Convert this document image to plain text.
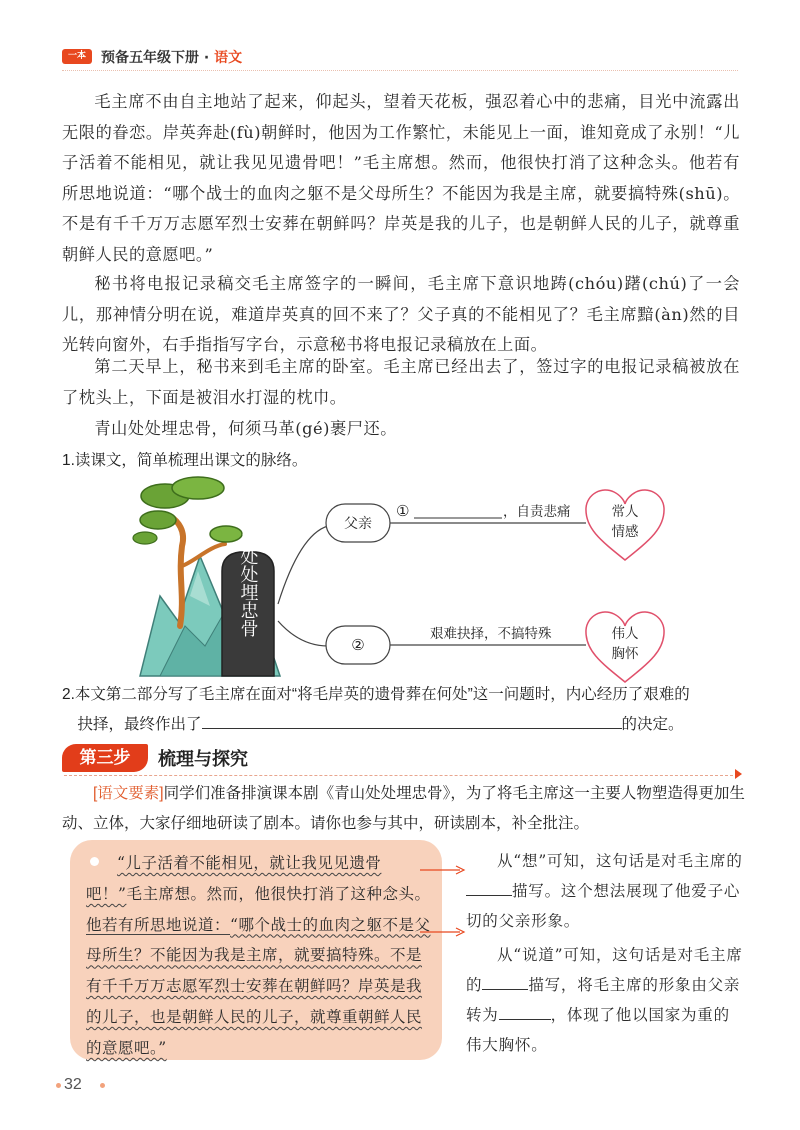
一本	预备五年级下册 · 语文

毛主席不由自主地站了起来，仰起头，望着天花板，强忍着心中的悲痛，目光中流露出无限的眷恋。岸英奔赴(fù)朝鲜时，他因为工作繁忙，未能见上一面，谁知竟成了永别！“儿子活着不能相见，就让我见见遗骨吧！”毛主席想。然而，他很快打消了这种念头。他若有所思地说道：“哪个战士的血肉之躯不是父母所生？不能因为我是主席，就要搞特殊(shū)。不是有千千万万志愿军烈士安葬在朝鲜吗？岸英是我的儿子，也是朝鲜人民的儿子，就尊重朝鲜人民的意愿吧。”

秘书将电报记录稿交毛主席签字的一瞬间，毛主席下意识地踌(chóu)躇(chú)了一会儿，那神情分明在说，难道岸英真的回不来了？父子真的不能相见了？毛主席黯(àn)然的目光转向窗外，右手指指写字台，示意秘书将电报记录稿放在上面。

第二天早上，秘书来到毛主席的卧室。毛主席已经出去了，签过字的电报记录稿被放在了枕头上，下面是被泪水打湿的枕巾。

青山处处埋忠骨，何须马革(gé)裹尸还。

1.读课文，简单梳理出课文的脉络。
青山处处埋忠骨	父亲
①	，自责悲痛	常人
情感
②
艰难抉择，不搞特殊	伟人
胸怀
2.本文第二部分写了毛主席在面对“将毛岸英的遗骨葬在何处”这一问题时，内心经历了艰难的
抉择，最终作出了	的决定。
第三步	梳理与探究
[语文要素]同学们准备排演课本剧《青山处处埋忠骨》，为了将毛主席这一主要人物塑造得更加生动、立体，大家仔细地研读了剧本。请你也参与其中，研读剧本，补全批注。
“儿子活着不能相见，就让我见见遗骨吧！”毛主席想。然而，他很快打消了这种念头。他若有所思地说道：“哪个战士的血肉之躯不是父母所生？不能因为我是主席，就要搞特殊。不是有千千万万志愿军烈士安葬在朝鲜吗？岸英是我的儿子，也是朝鲜人民的儿子，就尊重朝鲜人民的意愿吧。”
从“想”可知，这句话是对毛主席的描写。这个想法展现了他爱子心切的父亲形象。
从“说道”可知，这句话是对毛主席的	描写，将毛主席的形象由父亲转为	，体现了他以国家为重的伟大胸怀。
32
